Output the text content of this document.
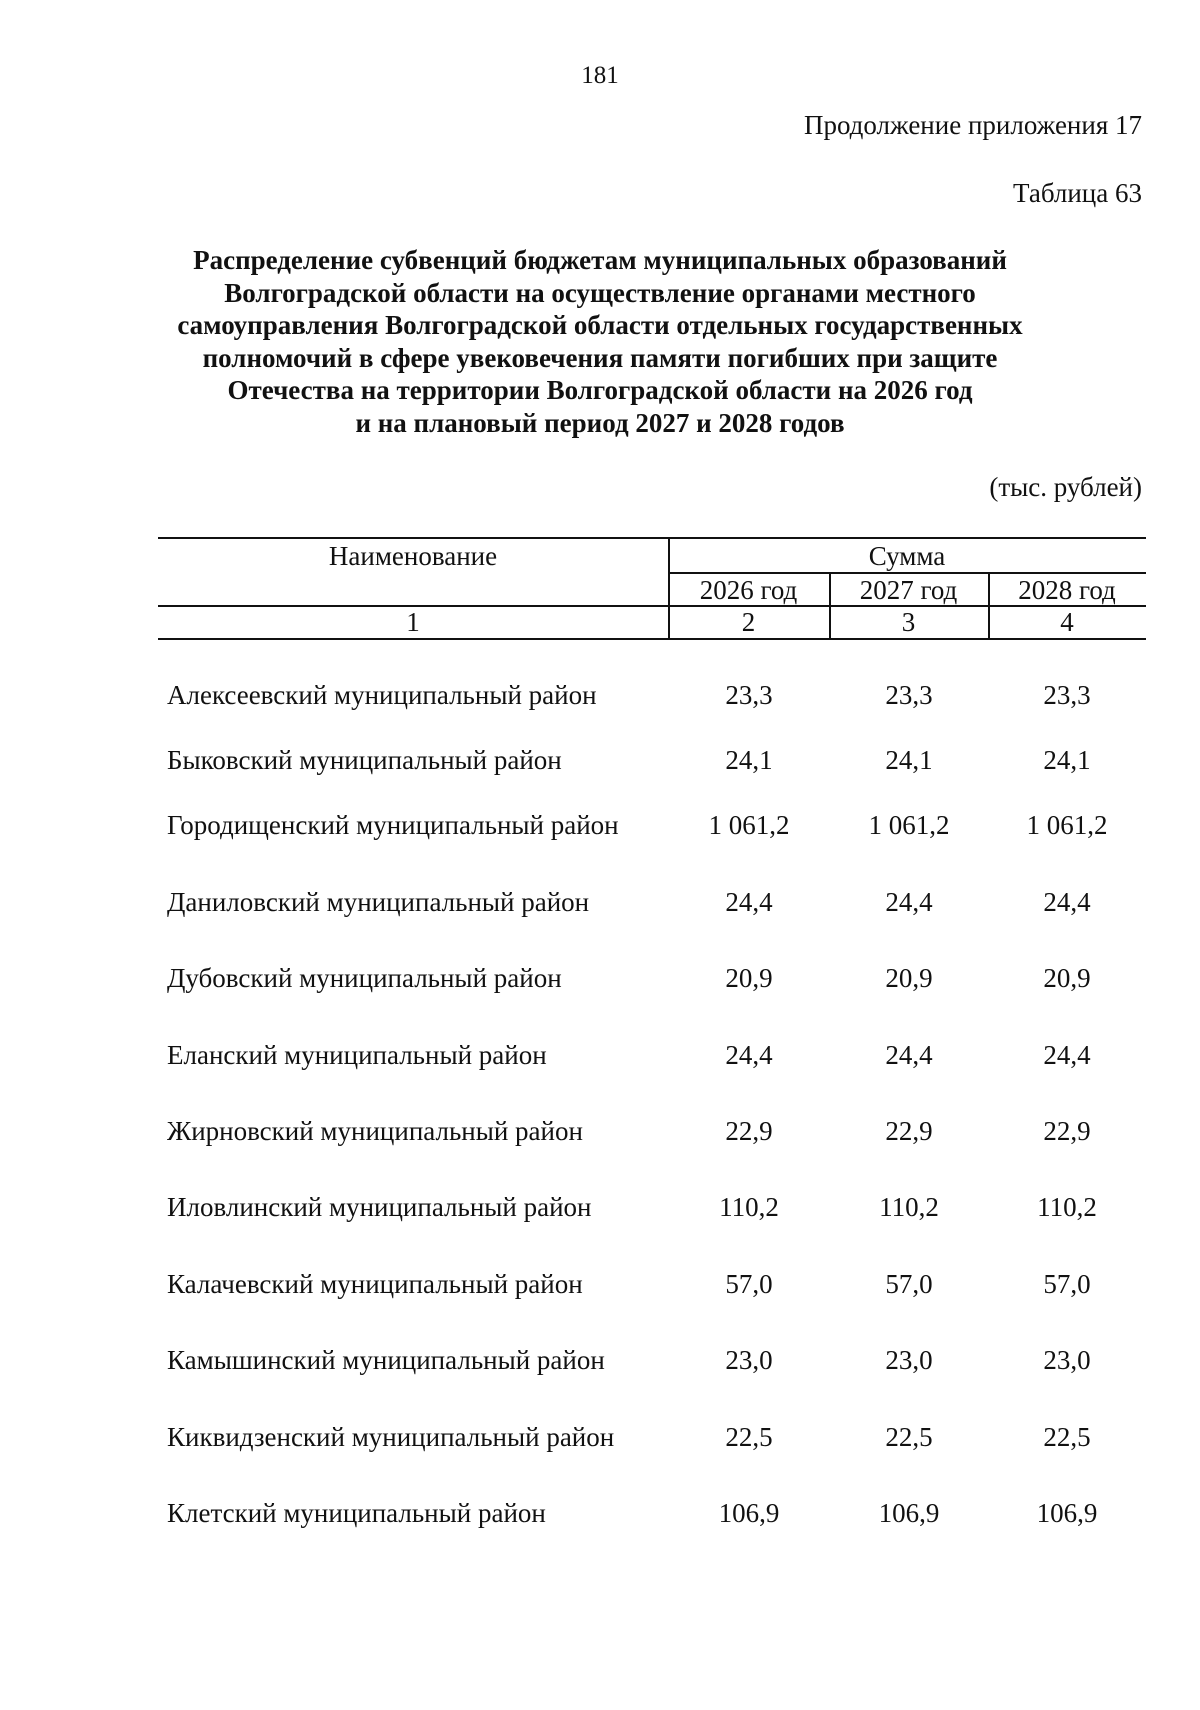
181
Продолжение приложения 17
Таблица 63
Распределение субвенций бюджетам муниципальных образований
Волгоградской области на осуществление органами местного
самоуправления Волгоградской области отдельных государственных
полномочий в сфере увековечения памяти погибших при защите
Отечества на территории Волгоградской области на 2026 год
и на плановый период 2027 и 2028 годов
(тыс. рублей)
Наименование	Сумма
2026 год	2027 год	2028 год
1	2	3	4
Алексеевский муниципальный район	23,3	23,3	23,3
Быковский муниципальный район	24,1	24,1	24,1
Городищенский муниципальный район	1 061,2	1 061,2	1 061,2
Даниловский муниципальный район	24,4	24,4	24,4
Дубовский муниципальный район	20,9	20,9	20,9
Еланский муниципальный район	24,4	24,4	24,4
Жирновский муниципальный район	22,9	22,9	22,9
Иловлинский муниципальный район	110,2	110,2	110,2
Калачевский муниципальный район	57,0	57,0	57,0
Камышинский муниципальный район	23,0	23,0	23,0
Киквидзенский муниципальный район	22,5	22,5	22,5
Клетский муниципальный район	106,9	106,9	106,9
